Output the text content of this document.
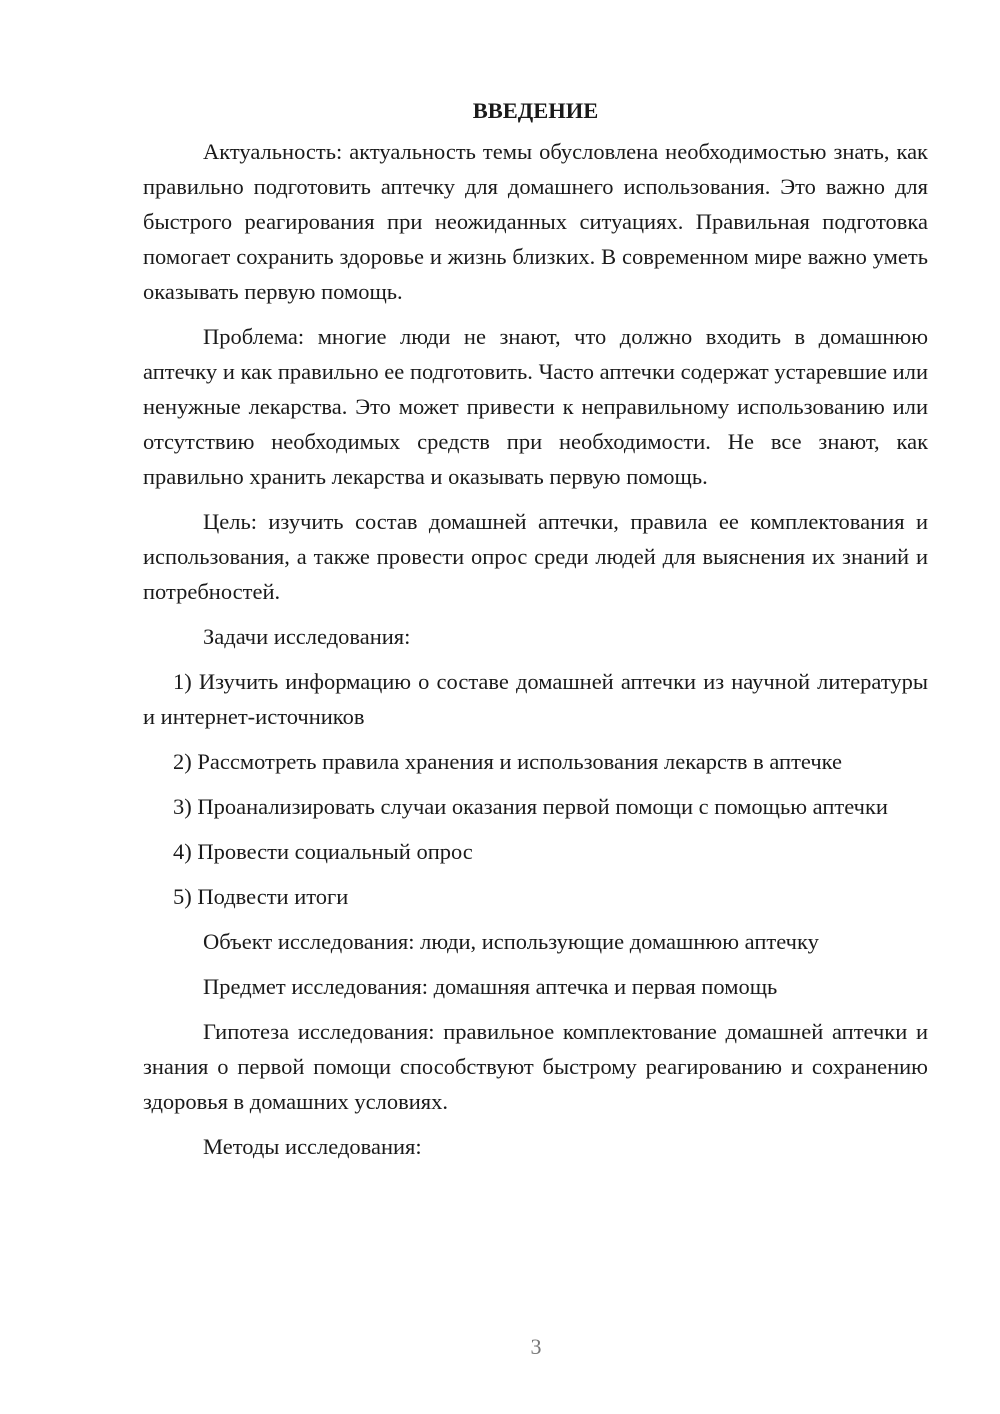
ВВЕДЕНИЕ

Актуальность: актуальность темы обусловлена необходимостью знать, как правильно подготовить аптечку для домашнего использования. Это важно для быстрого реагирования при неожиданных ситуациях. Правильная подготовка помогает сохранить здоровье и жизнь близких. В современном мире важно уметь оказывать первую помощь.

Проблема: многие люди не знают, что должно входить в домашнюю аптечку и как правильно ее подготовить. Часто аптечки содержат устаревшие или ненужные лекарства. Это может привести к неправильному использованию или отсутствию необходимых средств при необходимости. Не все знают, как правильно хранить лекарства и оказывать первую помощь.

Цель: изучить состав домашней аптечки, правила ее комплектования и использования, а также провести опрос среди людей для выяснения их знаний и потребностей.

Задачи исследования:

1) Изучить информацию о составе домашней аптечки из научной литературы и интернет-источников

2) Рассмотреть правила хранения и использования лекарств в аптечке

3) Проанализировать случаи оказания первой помощи с помощью аптечки

4) Провести социальный опрос

5) Подвести итоги

Объект исследования: люди, использующие домашнюю аптечку

Предмет исследования: домашняя аптечка и первая помощь

Гипотеза исследования: правильное комплектование домашней аптечки и знания о первой помощи способствуют быстрому реагированию и сохранению здоровья в домашних условиях.

Методы исследования:

3
